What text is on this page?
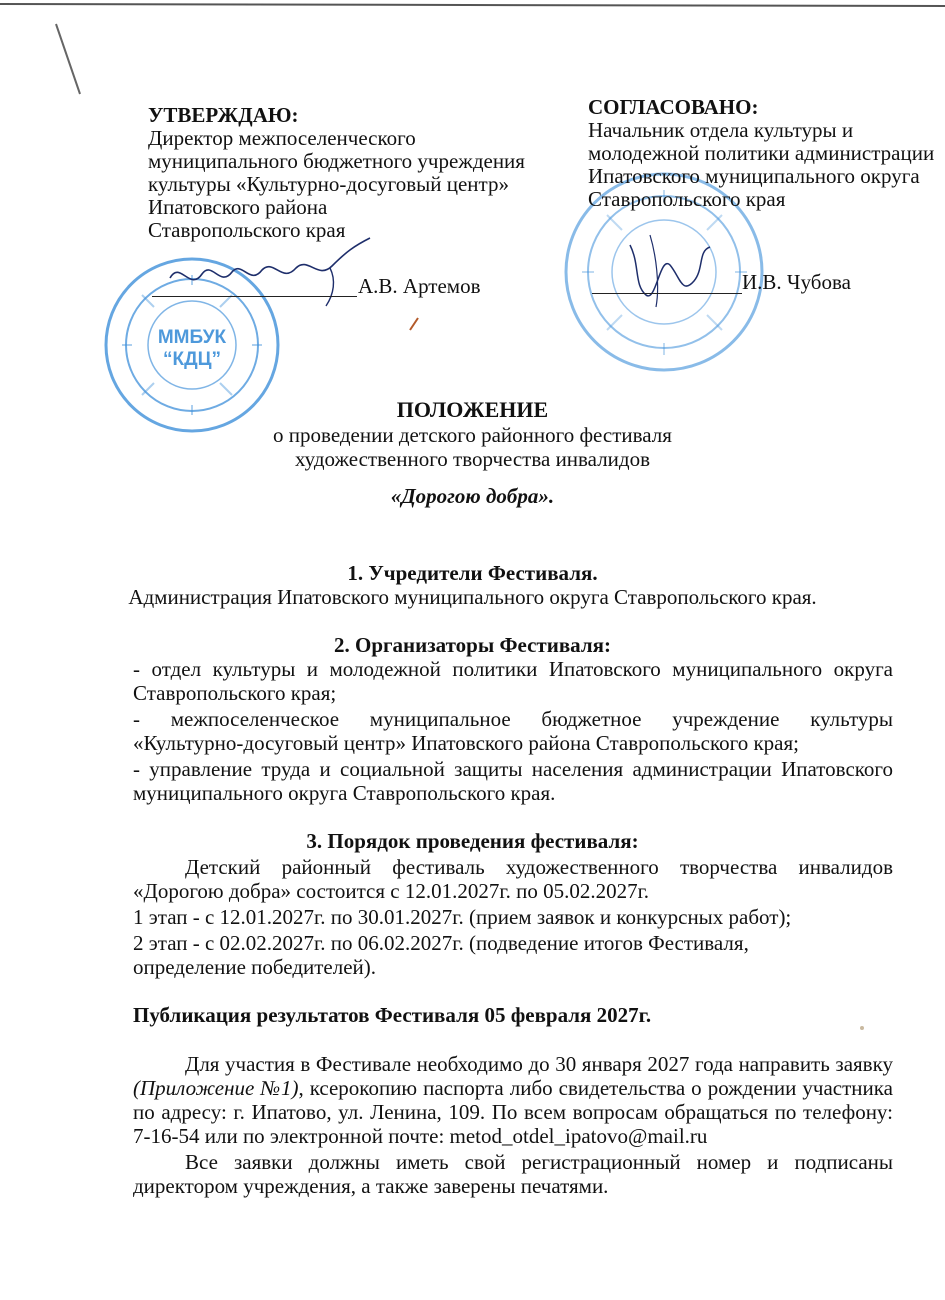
ММБУК
“КДЦ”
УТВЕРЖДАЮ:
Директор межпоселенческого
муниципального бюджетного учреждения
культуры «Культурно-досуговый центр»
Ипатовского района
Ставропольского края
А.В. Артемов
СОГЛАСОВАНО:
Начальник отдела культуры и
молодежной политики администрации
Ипатовского муниципального округа
Ставропольского края
И.В. Чубова
ПОЛОЖЕНИЕ
о проведении детского районного фестиваля
художественного творчества инвалидов
«Дорогою добра».
1. Учредители Фестиваля.
Администрация Ипатовского муниципального округа Ставропольского края.
2. Организаторы Фестиваля:
- отдел культуры и молодежной политики Ипатовского муниципального округа
Ставропольского края;
- межпоселенческое муниципальное бюджетное учреждение культуры
«Культурно-досуговый центр» Ипатовского района Ставропольского края;
- управление труда и социальной защиты населения администрации Ипатовского
муниципального округа Ставропольского края.
3. Порядок проведения фестиваля:
Детский районный фестиваль художественного творчества инвалидов
«Дорогою добра» состоится с 12.01.2027г. по 05.02.2027г.
1 этап - с 12.01.2027г. по 30.01.2027г. (прием заявок и конкурсных работ);
2 этап - с 02.02.2027г. по 06.02.2027г. (подведение итогов Фестиваля,
определение победителей).
Публикация результатов Фестиваля 05 февраля 2027г.
Для участия в Фестивале необходимо до 30 января 2027 года направить заявку (Приложение №1), ксерокопию паспорта либо свидетельства о рождении участника по адресу: г. Ипатово, ул. Ленина, 109. По всем вопросам обращаться по телефону: 7-16-54 или по электронной почте: metod_otdel_ipatovo@mail.ru
Все заявки должны иметь свой регистрационный номер и подписаны директором учреждения, а также заверены печатями.
